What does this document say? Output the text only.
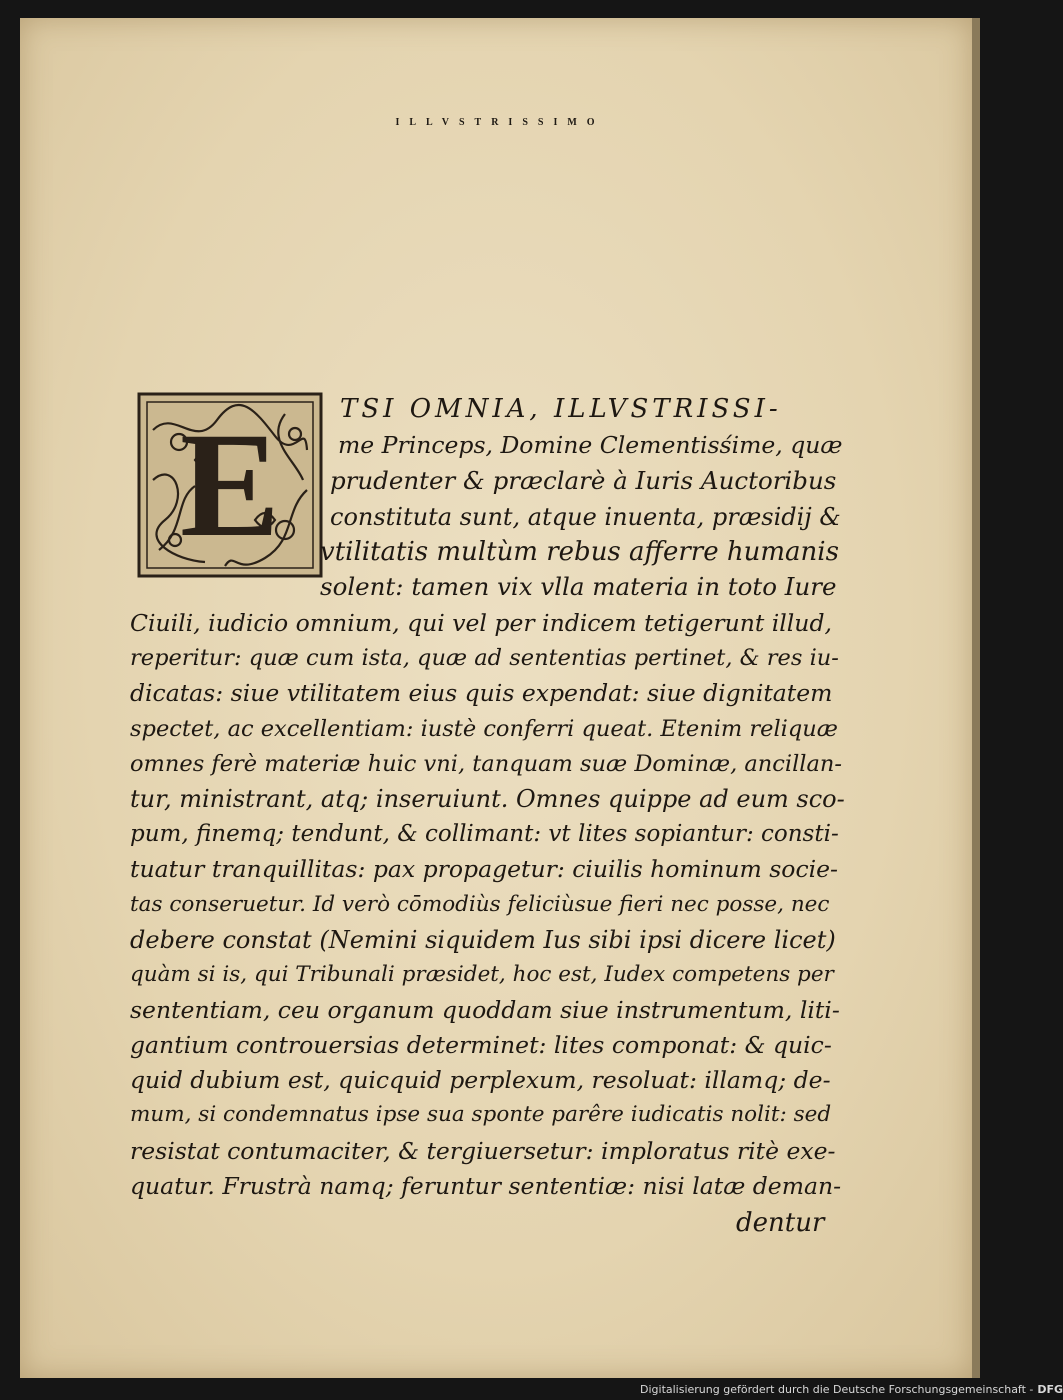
ILLVSTRISSIMO
E	TSI OMNIA, ILLVSTRISSI-
me Princeps, Domine Clementisśime, quæ
prudenter & præclarè à Iuris Auctoribus
constituta sunt, atque inuenta, præsidij &
vtilitatis multùm rebus afferre humanis
solent: tamen vix vlla materia in toto Iure
Ciuili, iudicio omnium, qui vel per indicem tetigerunt illud,
reperitur: quæ cum ista, quæ ad sententias pertinet, & res iu-
dicatas: siue vtilitatem eius quis expendat: siue dignitatem
spectet, ac excellentiam: iustè conferri queat. Etenim reliquæ
omnes ferè materiæ huic vni, tanquam suæ Dominæ, ancillan-
tur, ministrant, atq; inseruiunt. Omnes quippe ad eum sco-
pum, finemq; tendunt, & collimant: vt lites sopiantur: consti-
tuatur tranquillitas: pax propagetur: ciuilis hominum socie-
tas conseruetur. Id verò cōmodiùs feliciùsue fieri nec posse, nec
debere constat (Nemini siquidem Ius sibi ipsi dicere licet)
quàm si is, qui Tribunali præsidet, hoc est, Iudex competens per
sententiam, ceu organum quoddam siue instrumentum, liti-
gantium controuersias determinet: lites componat: & quic-
quid dubium est, quicquid perplexum, resoluat: illamq; de-
mum, si condemnatus ipse sua sponte parêre iudicatis nolit: sed
resistat contumaciter, & tergiuersetur: imploratus ritè exe-
quatur. Frustrà namq; feruntur sententiæ: nisi latæ deman-
dentur
Digitalisierung gefördert durch die Deutsche Forschungsgemeinschaft - DFG
